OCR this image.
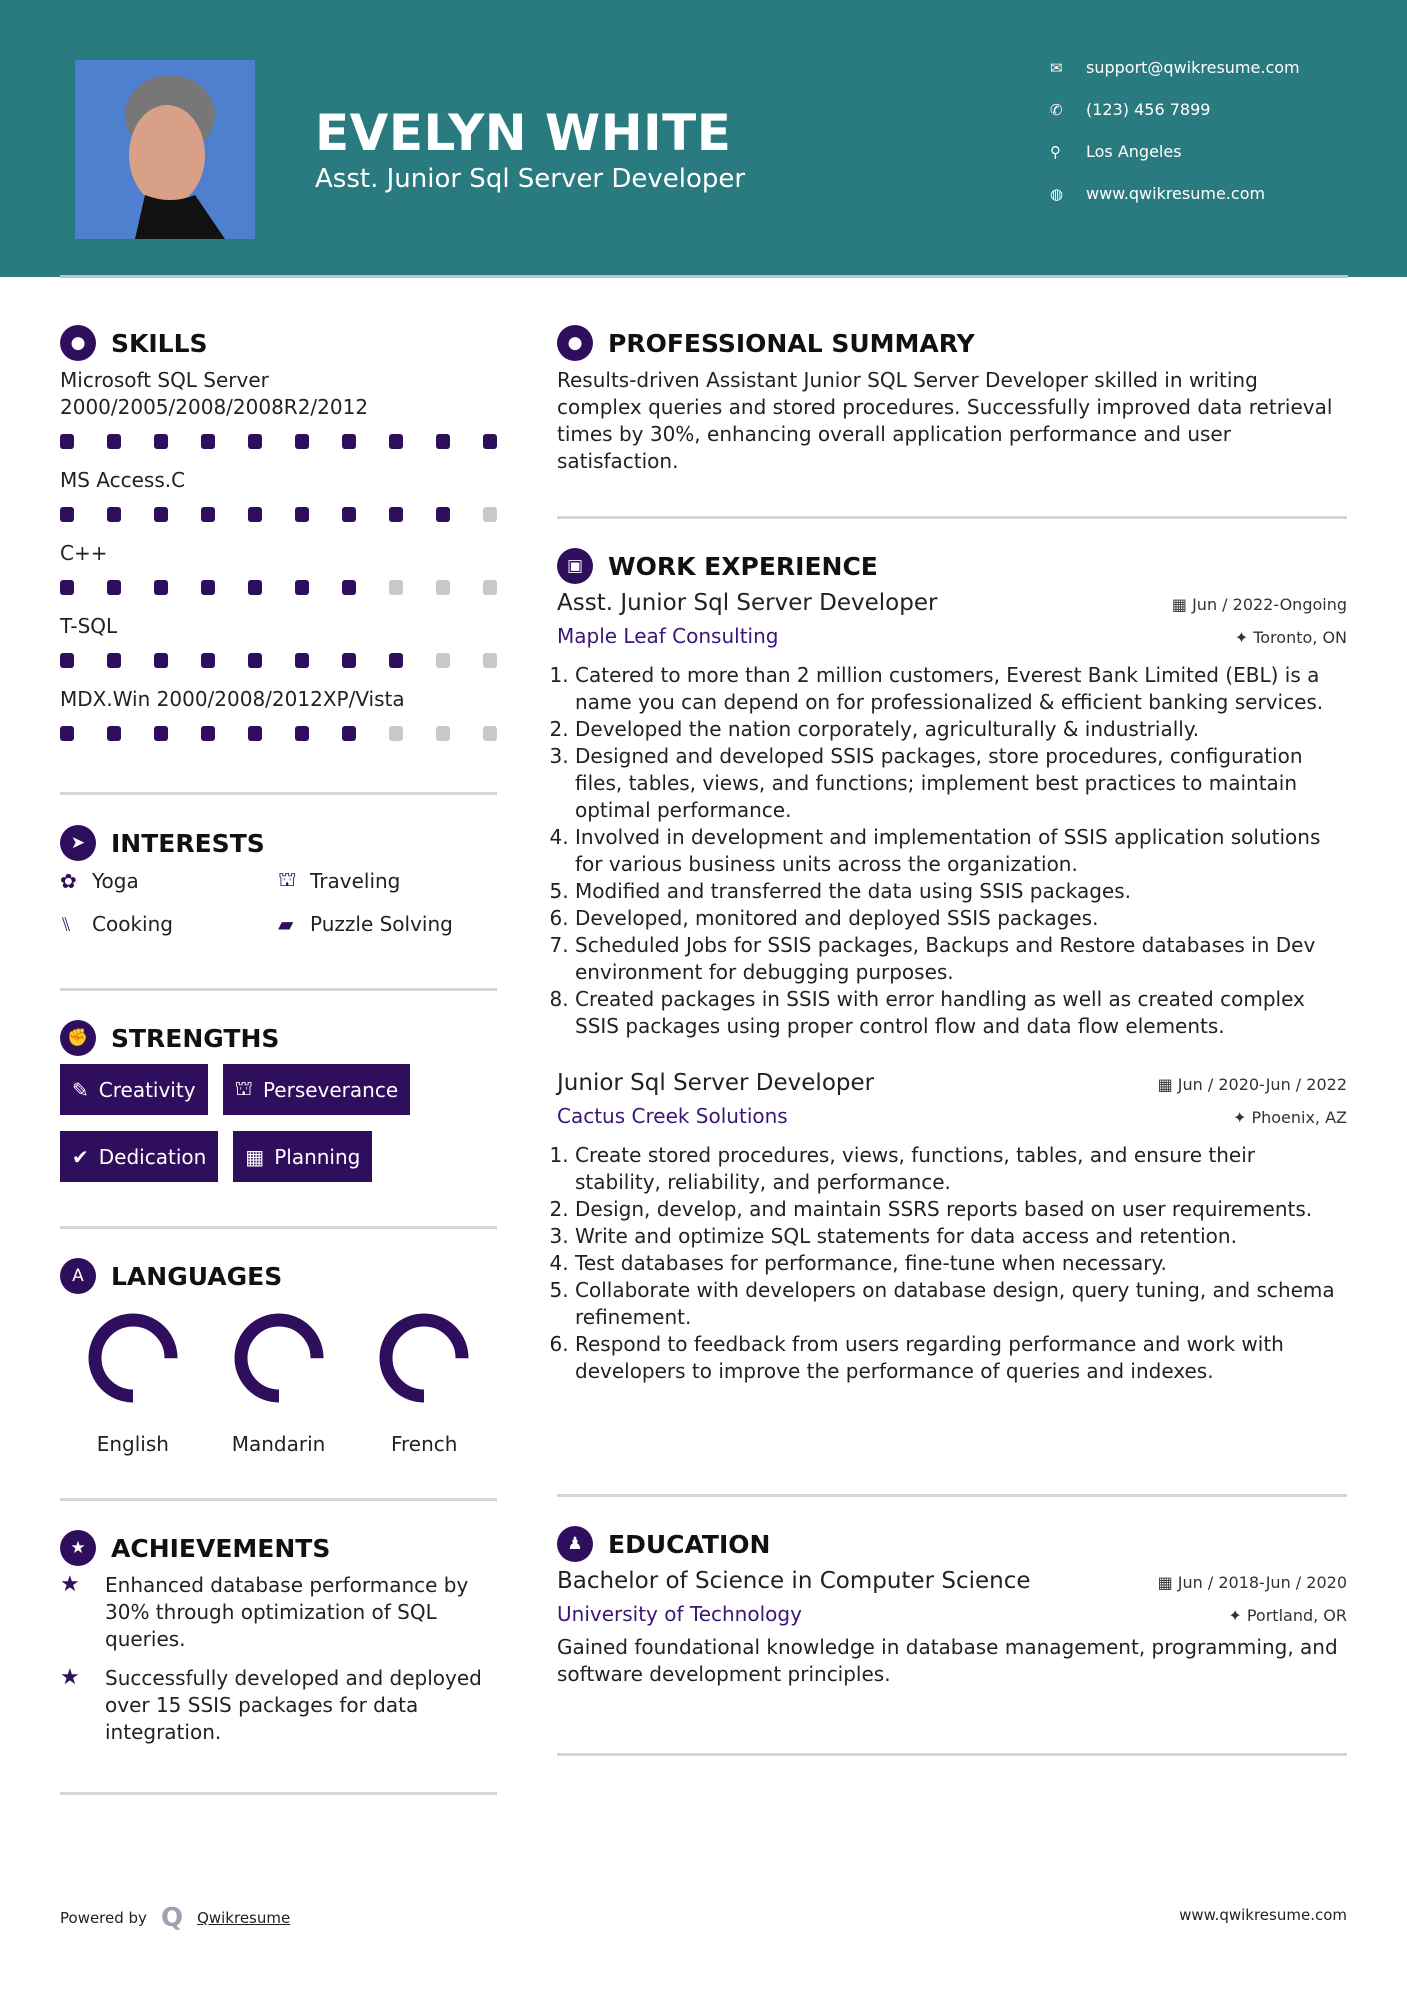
EVELYN WHITE
Asst. Junior Sql Server Developer
✉	support@qwikresume.com
✆	(123) 456 7899
⚲	Los Angeles
◍	www.qwikresume.com
●	SKILLS
Microsoft SQL Server 2000/2005/2008/2008R2/2012
MS Access.C
C++
T-SQL
MDX.Win 2000/2008/2012XP/Vista
➤	INTERESTS
✿ Yoga	⛫ Traveling
⑊	Cooking	▰ Puzzle Solving
✊ STRENGTHS
✎ Creativity ⛫ Perseverance
✔ Dedication ▦ Planning
A	LANGUAGES
English	Mandarin	French
★	ACHIEVEMENTS
★	Enhanced database performance by 30% through optimization of SQL queries.
★	Successfully developed and deployed over 15 SSIS packages for data integration.
●	PROFESSIONAL SUMMARY
Results-driven Assistant Junior SQL Server Developer skilled in writing complex queries and stored procedures. Successfully improved data retrieval times by 30%, enhancing overall application performance and user satisfaction.
▣ WORK EXPERIENCE
Asst. Junior Sql Server Developer	▦ Jun / 2022-Ongoing
Maple Leaf Consulting	✦ Toronto, ON
1. Catered to more than 2 million customers, Everest Bank Limited (EBL) is a name you can depend on for professionalized & efficient banking services.
2. Developed the nation corporately, agriculturally & industrially.
3. Designed and developed SSIS packages, store procedures, configuration files, tables, views, and functions; implement best practices to maintain optimal performance.
4. Involved in development and implementation of SSIS application solutions for various business units across the organization.
5. Modified and transferred the data using SSIS packages.
6. Developed, monitored and deployed SSIS packages.
7. Scheduled Jobs for SSIS packages, Backups and Restore databases in Dev environment for debugging purposes.
8. Created packages in SSIS with error handling as well as created complex SSIS packages using proper control flow and data flow elements.
Junior Sql Server Developer	▦ Jun / 2020-Jun / 2022
Cactus Creek Solutions	✦ Phoenix, AZ
1. Create stored procedures, views, functions, tables, and ensure their stability, reliability, and performance.
2. Design, develop, and maintain SSRS reports based on user requirements.
3. Write and optimize SQL statements for data access and retention.
4. Test databases for performance, fine-tune when necessary.
5. Collaborate with developers on database design, query tuning, and schema refinement.
6. Respond to feedback from users regarding performance and work with developers to improve the performance of queries and indexes.
♟	EDUCATION
Bachelor of Science in Computer Science	▦ Jun / 2018-Jun / 2020
University of Technology	✦ Portland, OR
Gained foundational knowledge in database management, programming, and software development principles.
Powered by Q Qwikresume	www.qwikresume.com
